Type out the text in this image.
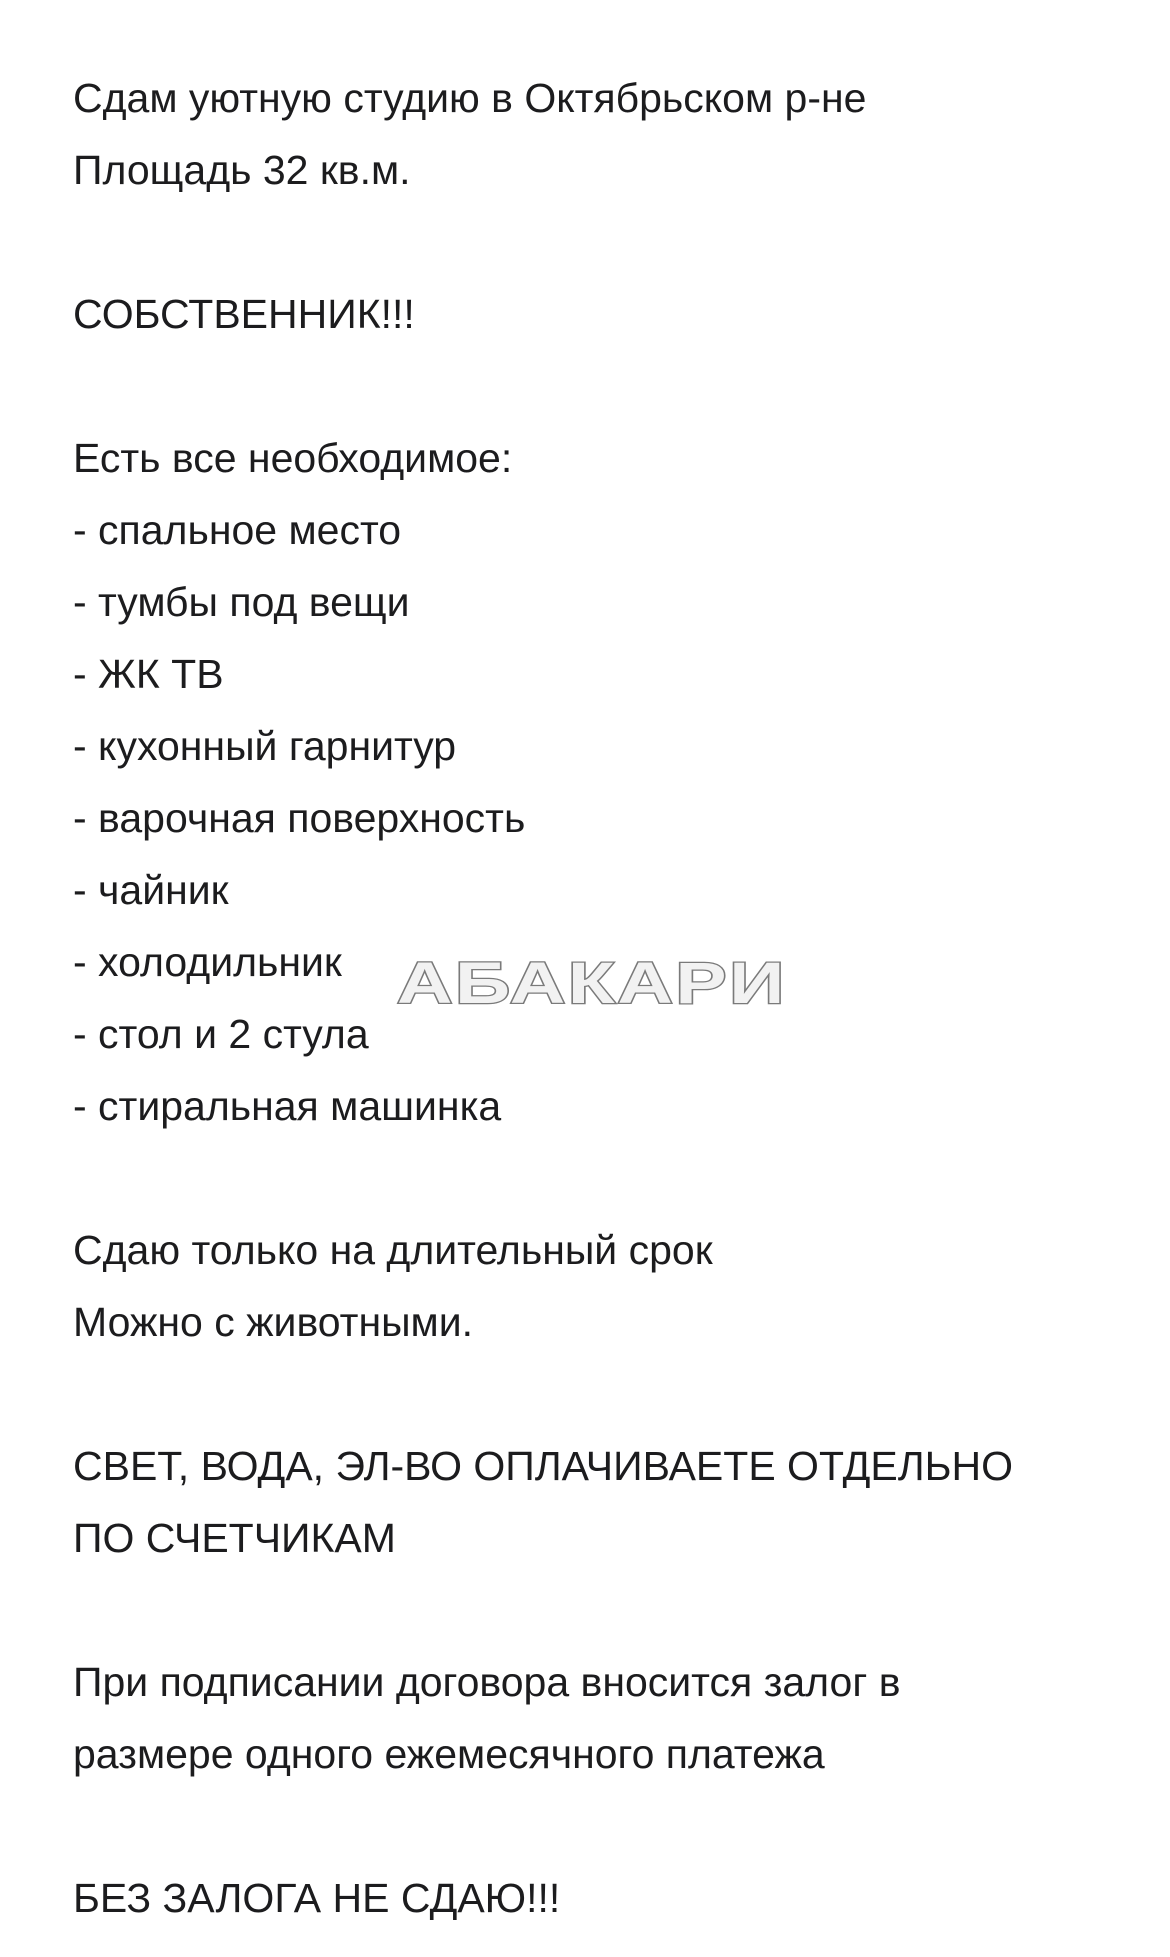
Сдам уютную студию в Октябрьском р-не
Площадь 32 кв.м.
СОБСТВЕННИК!!!
Есть все необходимое:
- спальное место
- тумбы под вещи
- ЖК ТВ
- кухонный гарнитур
- варочная поверхность
- чайник
- холодильник
- стол и 2 стула
- стиральная машинка
Сдаю только на длительный срок
Можно с животными.
СВЕТ, ВОДА, ЭЛ-ВО ОПЛАЧИВАЕТЕ ОТДЕЛЬНО
ПО СЧЕТЧИКАМ
При подписании договора вносится залог в
размере одного ежемесячного платежа
БЕЗ ЗАЛОГА НЕ СДАЮ!!!
АБАКАРИ
